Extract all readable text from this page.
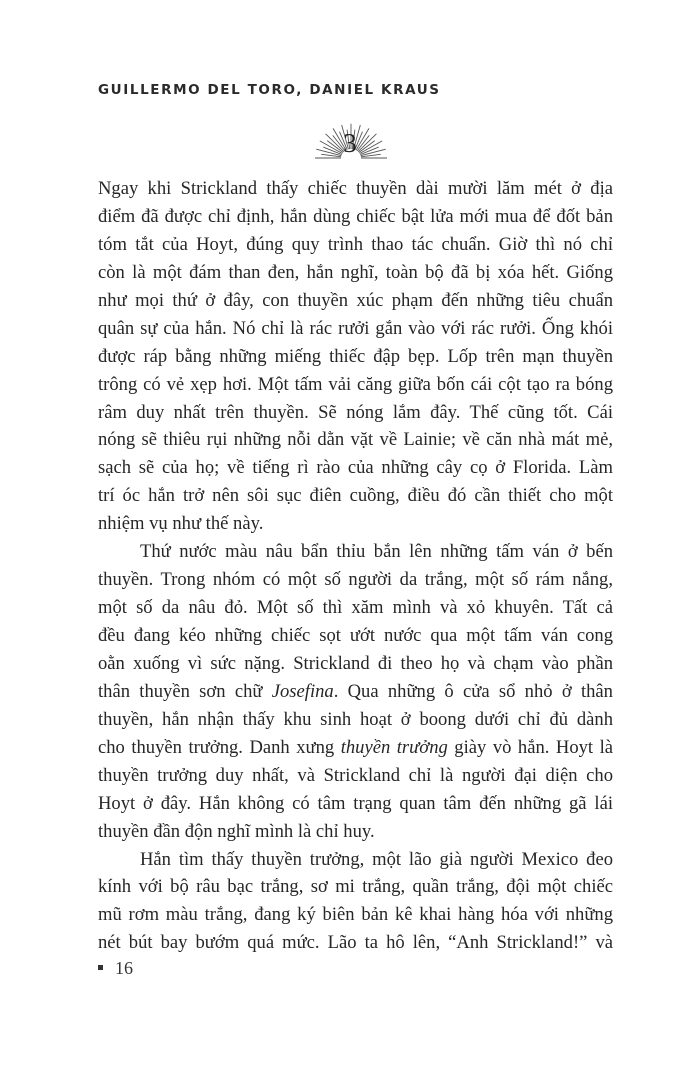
GUILLERMO DEL TORO, DANIEL KRAUS
3
Ngay khi Strickland thấy chiếc thuyền dài mười lăm mét ở địa
điểm đã được chỉ định, hắn dùng chiếc bật lửa mới mua để đốt bản
tóm tắt của Hoyt, đúng quy trình thao tác chuẩn. Giờ thì nó chỉ
còn là một đám than đen, hắn nghĩ, toàn bộ đã bị xóa hết. Giống
như mọi thứ ở đây, con thuyền xúc phạm đến những tiêu chuẩn
quân sự của hắn. Nó chỉ là rác rưởi gắn vào với rác rưởi. Ống khói
được ráp bằng những miếng thiếc đập bẹp. Lốp trên mạn thuyền
trông có vẻ xẹp hơi. Một tấm vải căng giữa bốn cái cột tạo ra bóng
râm duy nhất trên thuyền. Sẽ nóng lắm đây. Thế cũng tốt. Cái
nóng sẽ thiêu rụi những nỗi dằn vặt về Lainie; về căn nhà mát mẻ,
sạch sẽ của họ; về tiếng rì rào của những cây cọ ở Florida. Làm
trí óc hắn trở nên sôi sục điên cuồng, điều đó cần thiết cho một
nhiệm vụ như thế này.
Thứ nước màu nâu bẩn thỉu bắn lên những tấm ván ở bến
thuyền. Trong nhóm có một số người da trắng, một số rám nắng,
một số da nâu đỏ. Một số thì xăm mình và xỏ khuyên. Tất cả
đều đang kéo những chiếc sọt ướt nước qua một tấm ván cong
oằn xuống vì sức nặng. Strickland đi theo họ và chạm vào phần
thân thuyền sơn chữ Josefina. Qua những ô cửa sổ nhỏ ở thân
thuyền, hắn nhận thấy khu sinh hoạt ở boong dưới chỉ đủ dành
cho thuyền trưởng. Danh xưng thuyền trưởng giày vò hắn. Hoyt là
thuyền trưởng duy nhất, và Strickland chỉ là người đại diện cho
Hoyt ở đây. Hắn không có tâm trạng quan tâm đến những gã lái
thuyền đần độn nghĩ mình là chỉ huy.
Hắn tìm thấy thuyền trưởng, một lão già người Mexico đeo
kính với bộ râu bạc trắng, sơ mi trắng, quần trắng, đội một chiếc
mũ rơm màu trắng, đang ký biên bản kê khai hàng hóa với những
nét bút bay bướm quá mức. Lão ta hô lên, “Anh Strickland!” và
16
